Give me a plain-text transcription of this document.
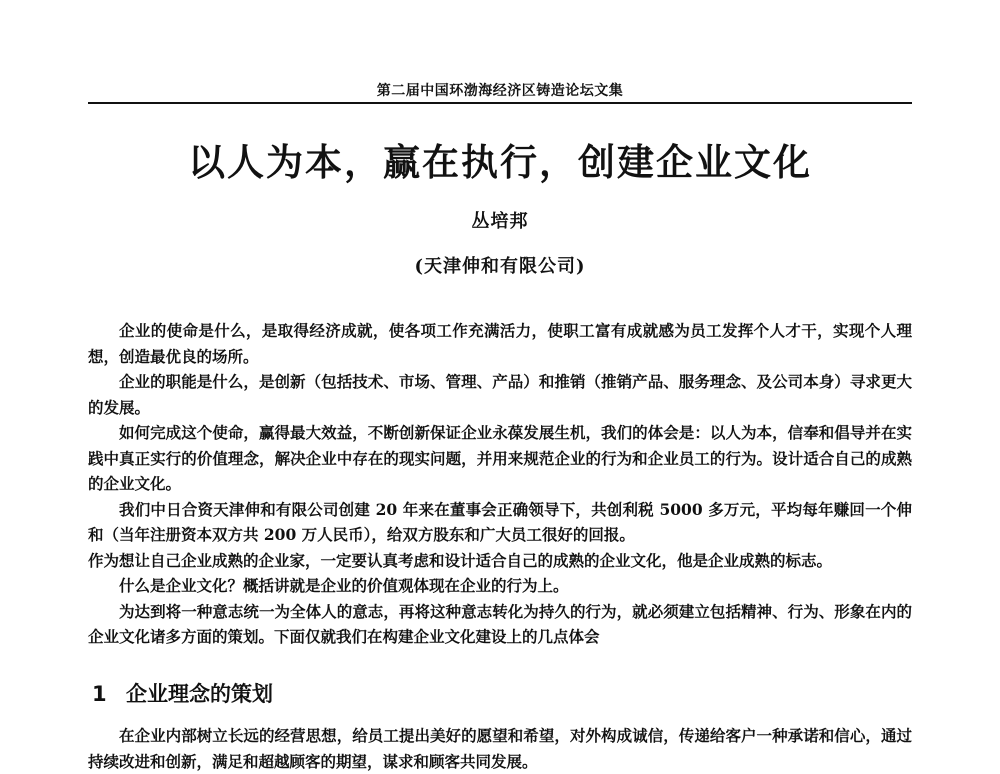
第二届中国环渤海经济区铸造论坛文集
以人为本，赢在执行，创建企业文化
丛培邦
(天津伸和有限公司)

企业的使命是什么，是取得经济成就，使各项工作充满活力，使职工富有成就感为员工发挥个人才干，实现个人理想，创造最优良的场所。

企业的职能是什么，是创新（包括技术、市场、管理、产品）和推销（推销产品、服务理念、及公司本身）寻求更大的发展。

如何完成这个使命，赢得最大效益，不断创新保证企业永葆发展生机，我们的体会是：以人为本，信奉和倡导并在实践中真正实行的价值理念，解决企业中存在的现实问题，并用来规范企业的行为和企业员工的行为。设计适合自己的成熟的企业文化。

我们中日合资天津伸和有限公司创建 20 年来在董事会正确领导下，共创利税 5000 多万元，平均每年赚回一个伸和（当年注册资本双方共 200 万人民币），给双方股东和广大员工很好的回报。

作为想让自己企业成熟的企业家，一定要认真考虑和设计适合自己的成熟的企业文化，他是企业成熟的标志。

什么是企业文化？概括讲就是企业的价值观体现在企业的行为上。

为达到将一种意志统一为全体人的意志，再将这种意志转化为持久的行为，就必须建立包括精神、行为、形象在内的企业文化诸多方面的策划。下面仅就我们在构建企业文化建设上的几点体会

1 企业理念的策划

在企业内部树立长远的经营思想，给员工提出美好的愿望和希望，对外构成诚信，传递给客户一种承诺和信心，通过持续改进和创新，满足和超越顾客的期望，谋求和顾客共同发展。
